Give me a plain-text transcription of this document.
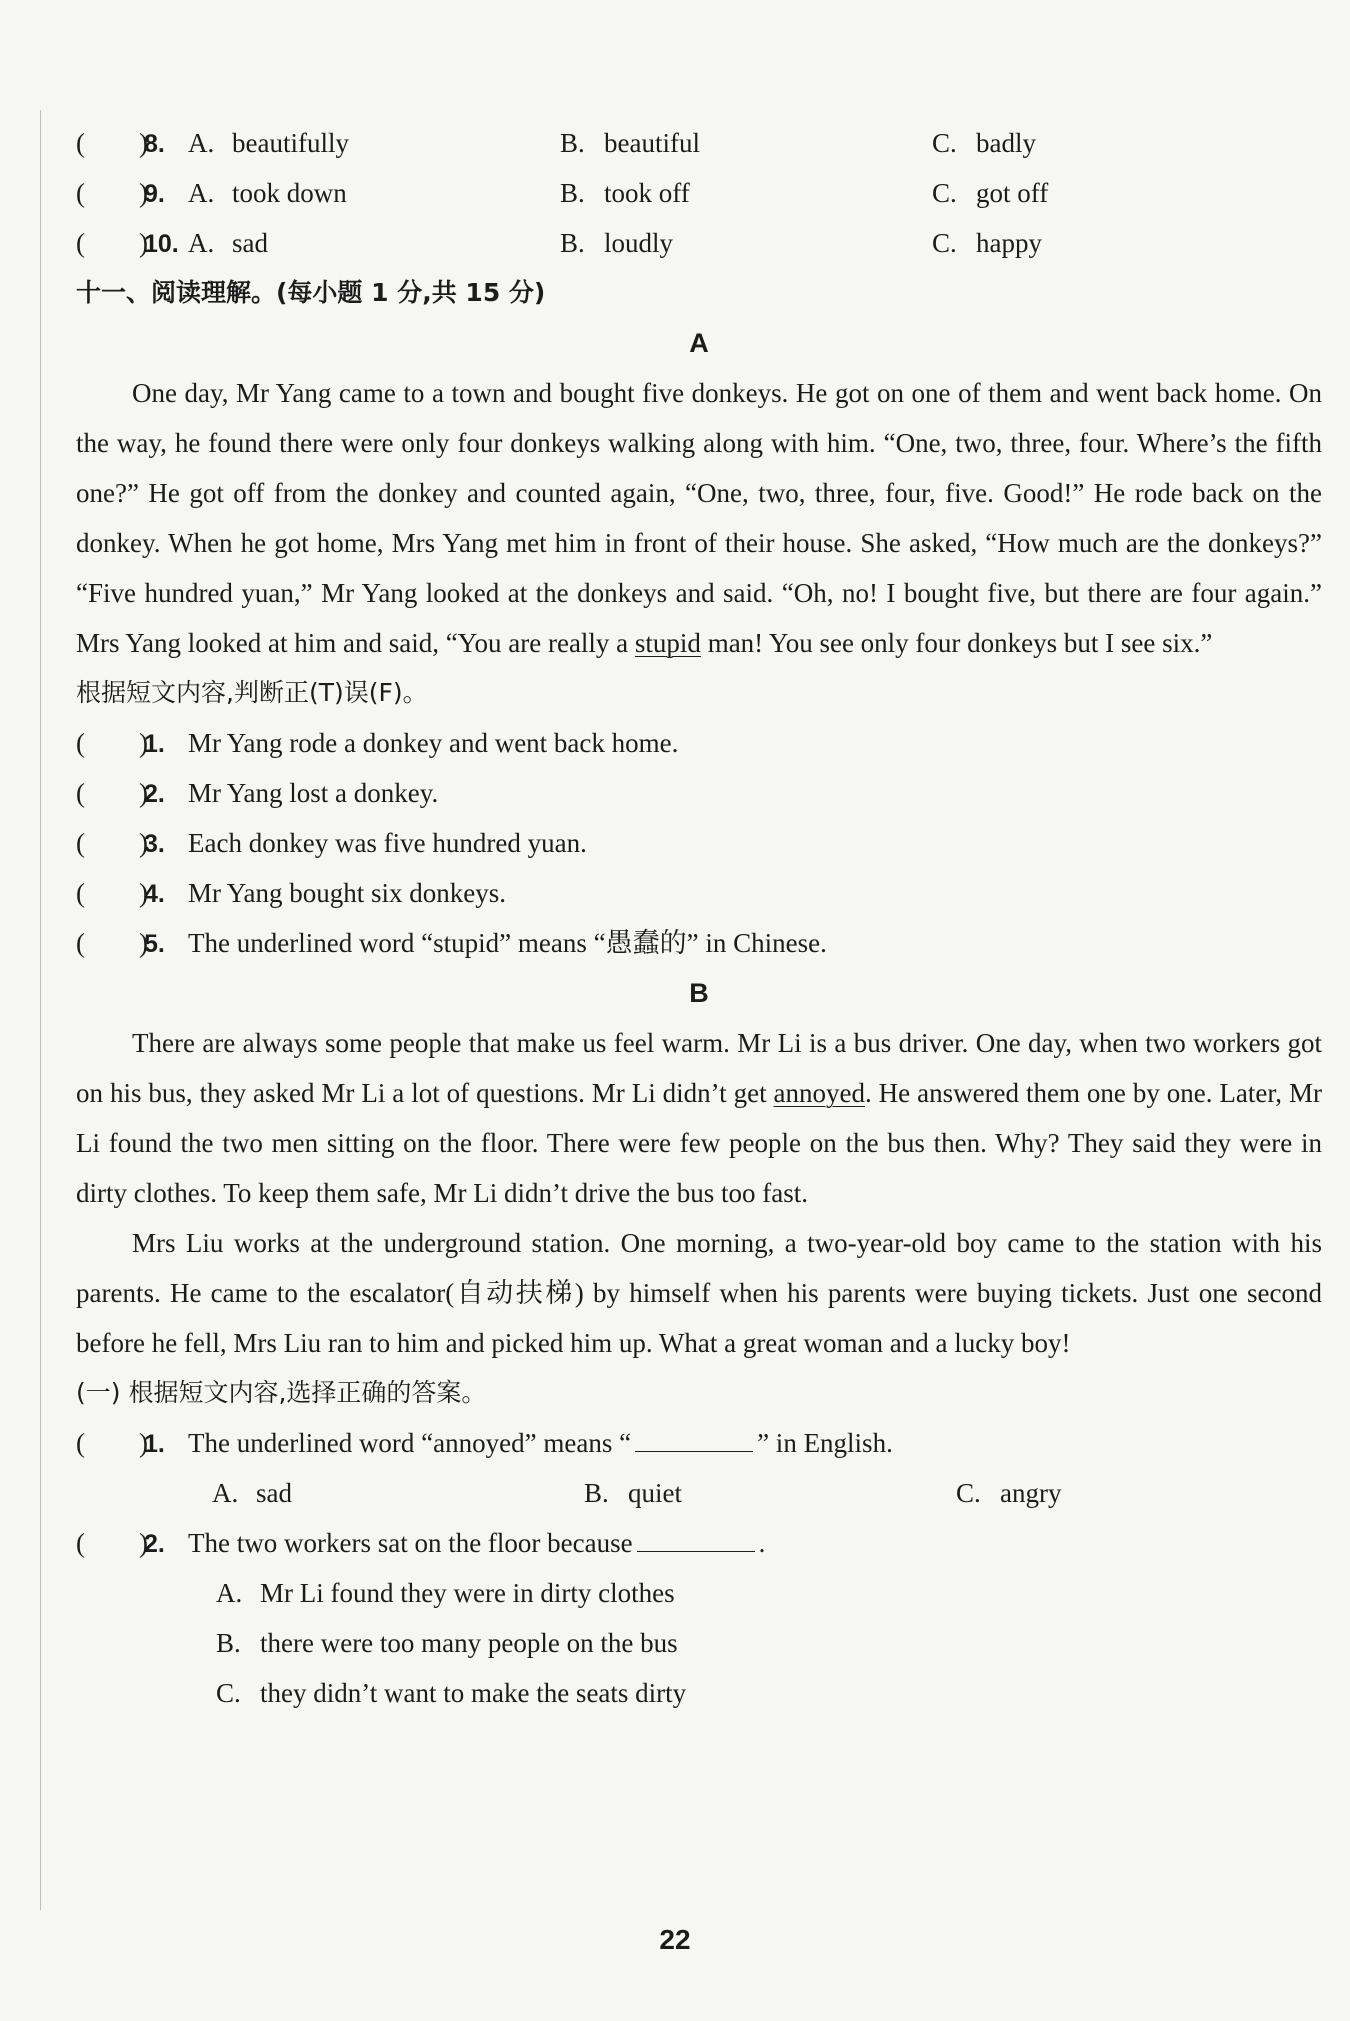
(　　)
8. A. beautifully	B. beautiful	C. badly
(　　)
9. A. took down	B. took off	C. got off
(　　)
10. A. sad	B. loudly	C. happy
十一、阅读理解。(每小题 1 分,共 15 分)
A

One day, Mr Yang came to a town and bought five donkeys. He got on one of them and went back home. On the way, he found there were only four donkeys walking along with him. “One, two, three, four. Where’s the fifth one?” He got off from the donkey and counted again, “One, two, three, four, five. Good!” He rode back on the donkey. When he got home, Mrs Yang met him in front of their house. She asked, “How much are the donkeys?” “Five hundred yuan,” Mr Yang looked at the donkeys and said. “Oh, no! I bought five, but there are four again.” Mrs Yang looked at him and said, “You are really a stupid man! You see only four donkeys but I see six.”

根据短文内容,判断正(T)误(F)。
(　　)
1. Mr Yang rode a donkey and went back home.
(　　)
2. Mr Yang lost a donkey.
(　　)
3. Each donkey was five hundred yuan.
(　　)
4. Mr Yang bought six donkeys.
(　　)
5. The underlined word “stupid” means “愚蠢的” in Chinese.
B

There are always some people that make us feel warm. Mr Li is a bus driver. One day, when two workers got on his bus, they asked Mr Li a lot of questions. Mr Li didn’t get annoyed. He answered them one by one. Later, Mr Li found the two men sitting on the floor. There were few people on the bus then. Why? They said they were in dirty clothes. To keep them safe, Mr Li didn’t drive the bus too fast.

Mrs Liu works at the underground station. One morning, a two-year-old boy came to the station with his parents. He came to the escalator(自动扶梯) by himself when his parents were buying tickets. Just one second before he fell, Mrs Liu ran to him and picked him up. What a great woman and a lucky boy!

(一) 根据短文内容,选择正确的答案。
(　　)
1. The underlined word “annoyed” means “	” in English.
A. sad	B. quiet	C. angry
(　　)
2. The two workers sat on the floor because	.
A. Mr Li found they were in dirty clothes
B. there were too many people on the bus
C. they didn’t want to make the seats dirty
22
